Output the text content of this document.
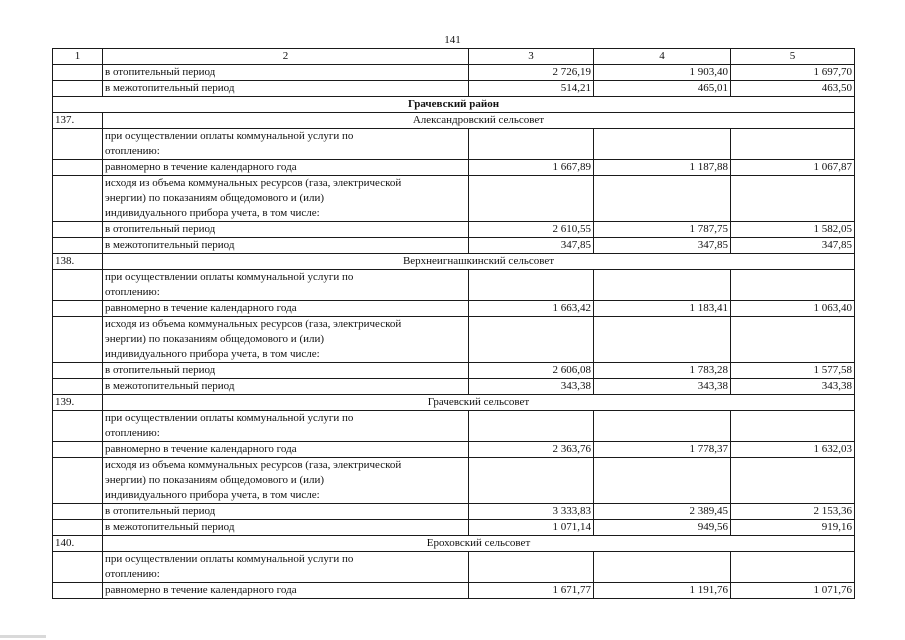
141
1	2	3	4	5
	в отопительный период	2 726,19	1 903,40	1 697,70
	в межотопительный период	514,21	465,01	463,50
Грачевский район				
137.	Александровский сельсовет			

	при осуществлении оплаты коммунальной услуги по
отоплению:			

	равномерно в течение календарного года	1 667,89	1 187,88	1 067,87

	исходя из объема коммунальных ресурсов (газа, электрической
энергии) по показаниям общедомового и (или)
индивидуального прибора учета, в том числе:			

	в отопительный период	2 610,55	1 787,75	1 582,05
	в межотопительный период	347,85	347,85	347,85
138.	Верхнеигнашкинский сельсовет			

	при осуществлении оплаты коммунальной услуги по
отоплению:			

	равномерно в течение календарного года	1 663,42	1 183,41	1 063,40

	исходя из объема коммунальных ресурсов (газа, электрической
энергии) по показаниям общедомового и (или)
индивидуального прибора учета, в том числе:			

	в отопительный период	2 606,08	1 783,28	1 577,58
	в межотопительный период	343,38	343,38	343,38
139.	Грачевский сельсовет			

	при осуществлении оплаты коммунальной услуги по
отоплению:			

	равномерно в течение календарного года	2 363,76	1 778,37	1 632,03

	исходя из объема коммунальных ресурсов (газа, электрической
энергии) по показаниям общедомового и (или)
индивидуального прибора учета, в том числе:			

	в отопительный период	3 333,83	2 389,45	2 153,36
	в межотопительный период	1 071,14	949,56	919,16
140.	Ероховский сельсовет			

	при осуществлении оплаты коммунальной услуги по
отоплению:			

	равномерно в течение календарного года	1 671,77	1 191,76	1 071,76
